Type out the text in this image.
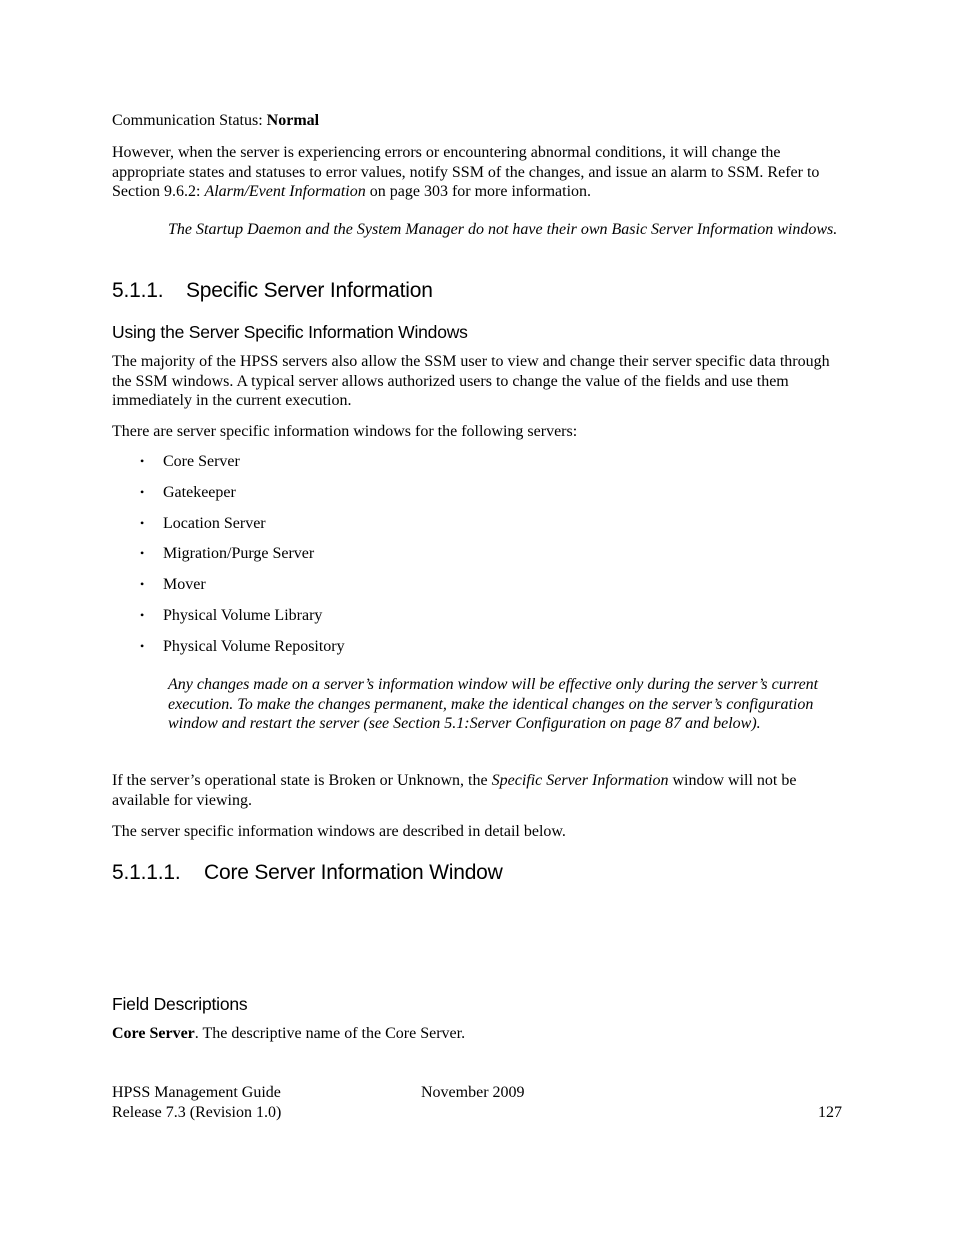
Communication Status: Normal
However, when the server is experiencing errors or encountering abnormal conditions, it will change the appropriate states and statuses to error values, notify SSM of the changes, and issue an alarm to SSM. Refer to Section 9.6.2: Alarm/Event Information on page 303 for more information.
The Startup Daemon and the System Manager do not have their own Basic Server Information windows.
5.1.1. Specific Server Information
Using the Server Specific Information Windows
The majority of the HPSS servers also allow the SSM user to view and change their server specific data through the SSM windows. A typical server allows authorized users to change the value of the fields and use them immediately in the current execution.
There are server specific information windows for the following servers:
• Core Server
• Gatekeeper
• Location Server
• Migration/Purge Server
• Mover
• Physical Volume Library
• Physical Volume Repository
Any changes made on a server’s information window will be effective only during the server’s current execution. To make the changes permanent, make the identical changes on the server’s configuration window and restart the server (see Section 5.1:Server Configuration on page 87 and below).
If the server’s operational state is Broken or Unknown, the Specific Server Information window will not be available for viewing.
The server specific information windows are described in detail below.
5.1.1.1. Core Server Information Window
Field Descriptions
Core Server. The descriptive name of the Core Server.
HPSS Management Guide	November 2009
Release 7.3 (Revision 1.0)	127
